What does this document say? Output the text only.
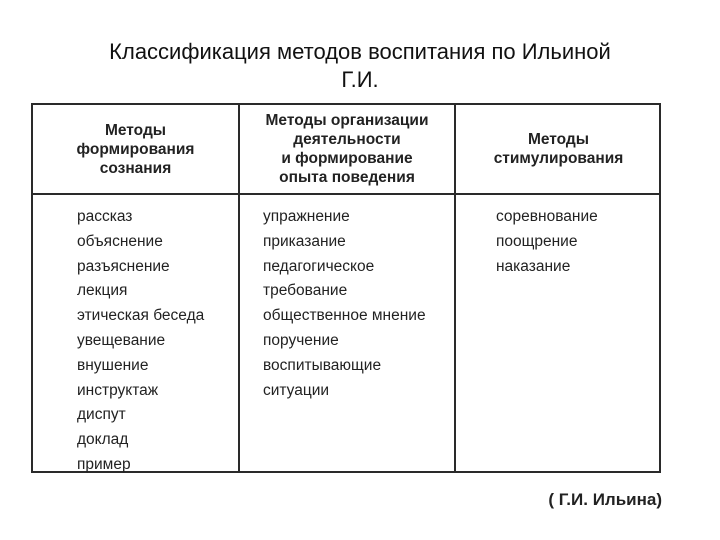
Классификация методов воспитания по Ильиной
Г.И.
Методы
формирования
сознания
Методы организации
деятельности
и формирование
опыта поведения
Методы
стимулирования
рассказ
объяснение
разъяснение
лекция
этическая беседа
увещевание
внушение
инструктаж
диспут
доклад
пример
упражнение
приказание
педагогическое
требование
общественное мнение
поручение
воспитывающие
ситуации
соревнование
поощрение
наказание
( Г.И. Ильина)
